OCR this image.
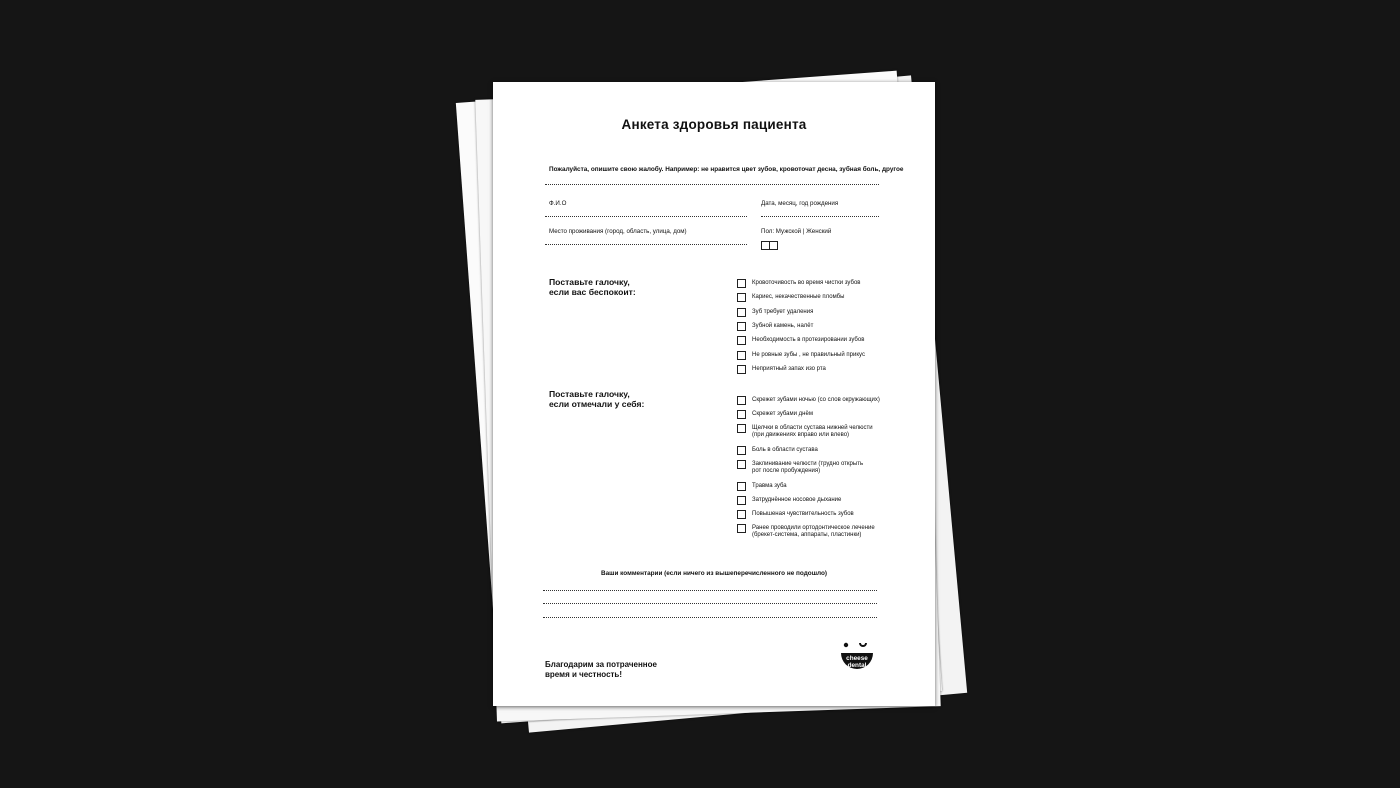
Анкета здоровья пациента
Пожалуйста, опишите свою жалобу. Например: не нравится цвет зубов, кровоточат десна, зубная боль, другое
Ф.И.О	Дата, месяц, год рождения
Место проживания (город, область, улица, дом)	Пол: Мужской | Женский
Поставьте галочку,
если вас беспокоит:
Кровоточивость во время чистки зубов
Кариес, некачественные пломбы
Зуб требует удаления
Зубной камень, налёт
Необходимость в протезировании зубов
Не ровные зубы , не правильный прикус
Неприятный запах изо рта
Поставьте галочку,
если отмечали у себя:	Скрежет зубами ночью (со слов окружающих)
Скрежет зубами днём
Щелчки в области сустава нижней челюсти
(при движениях вправо или влево)
Боль в области сустава
Заклинивание челюсти (трудно открыть
рот после пробуждения)
Травма зуба
Затруднённое носовое дыхание
Повышеная чувствительность зубов
Ранее проводили ортодонтическое лечение
(брекет-система, аппараты, пластинки)
Ваши комментарии (если ничего из вышеперечисленного не подошло)
Благодарим за потраченное
время и честность!
cheese
dental
